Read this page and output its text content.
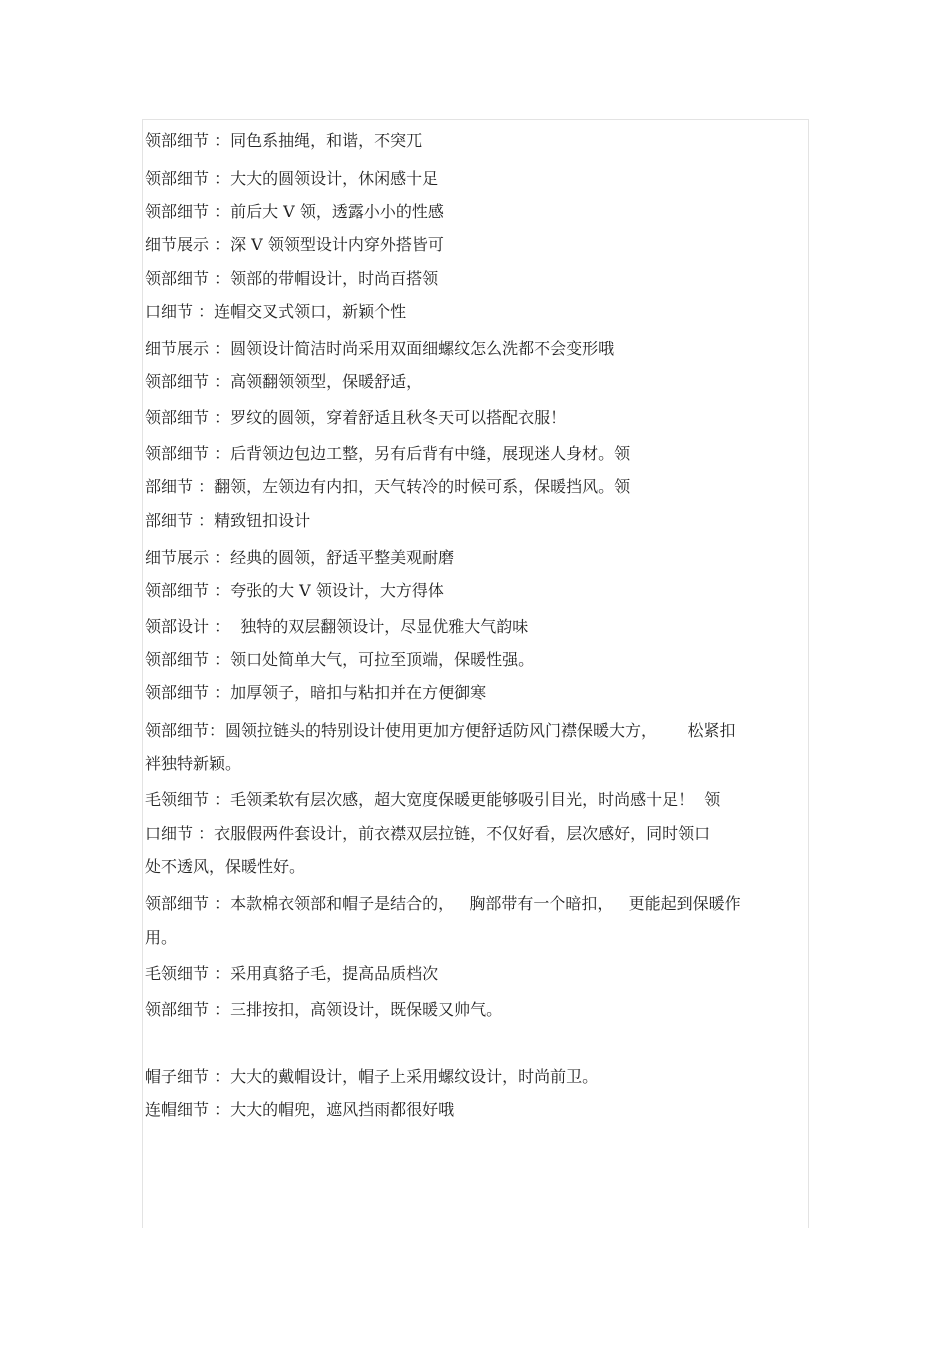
领部细节 ：同色系抽绳，和谐，不突兀
领部细节 ：大大的圆领设计，休闲感十足
领部细节 ：前后大 V 领，透露小小的性感
细节展示 ：深 V 领领型设计内穿外搭皆可
领部细节 ：领部的带帽设计，时尚百搭领
口细节 ：连帽交叉式领口，新颖个性
细节展示 ：圆领设计简洁时尚采用双面细螺纹怎么洗都不会变形哦
领部细节 ：高领翻领领型，保暖舒适，
领部细节 ：罗纹的圆领，穿着舒适且秋冬天可以搭配衣服！
领部细节 ：后背领边包边工整，另有后背有中缝，展现迷人身材。领
部细节 ：翻领，左领边有内扣，天气转冷的时候可系，保暖挡风。领
部细节 ：精致钮扣设计
细节展示 ：经典的圆领，舒适平整美观耐磨
领部细节 ：夸张的大 V 领设计，大方得体
领部设计 ：  独特的双层翻领设计，尽显优雅大气韵味
领部细节 ：领口处简单大气，可拉至顶端，保暖性强。
领部细节 ：加厚领子，暗扣与粘扣并在方便御寒
领部细节：圆领拉链头的特别设计使用更加方便舒适防风门襟保暖大方，      松紧扣
袢独特新颖。
毛领细节 ：毛领柔软有层次感，超大宽度保暖更能够吸引目光，时尚感十足！  领
口细节 ：衣服假两件套设计，前衣襟双层拉链，不仅好看，层次感好，同时领口
处不透风，保暖性好。
领部细节 ：本款棉衣领部和帽子是结合的，   胸部带有一个暗扣，   更能起到保暖作
用。
毛领细节 ：采用真貉子毛，提高品质档次
领部细节 ：三排按扣，高领设计，既保暖又帅气。
帽子细节 ：大大的戴帽设计，帽子上采用螺纹设计，时尚前卫。
连帽细节 ：大大的帽兜，遮风挡雨都很好哦
